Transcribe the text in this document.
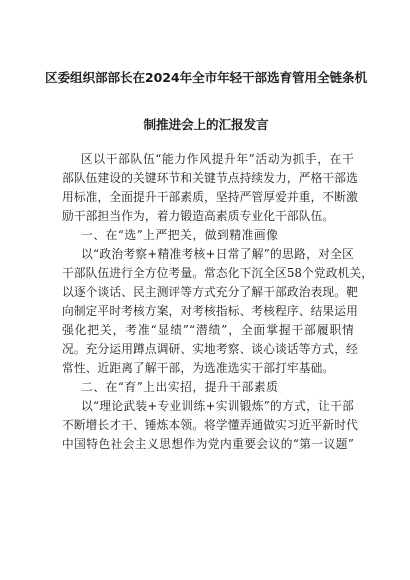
区委组织部部长在2024年全市年轻干部选育管用全链条机
制推进会上的汇报发言
区以干部队伍“能力作风提升年”活动为抓手，在干
部队伍建设的关键环节和关键节点持续发力，严格干部选
用标准，全面提升干部素质，坚持严管厚爱并重，不断激
励干部担当作为，着力锻造高素质专业化干部队伍。
一、在“选”上严把关，做到精准画像
以“政治考察+精准考核+日常了解”的思路，对全区
干部队伍进行全方位考量。常态化下沉全区58个党政机关，
以逐个谈话、民主测评等方式充分了解干部政治表现。靶
向制定平时考核方案，对考核指标、考核程序、结果运用
强化把关，考准“显绩”“潜绩”，全面掌握干部履职情
况。充分运用蹲点调研、实地考察、谈心谈话等方式，经
常性、近距离了解干部，为选准选实干部打牢基础。
二、在“育”上出实招，提升干部素质
以“理论武装+专业训练+实训锻炼”的方式，让干部
不断增长才干、锤炼本领。将学懂弄通做实习近平新时代
中国特色社会主义思想作为党内重要会议的“第一议题”
